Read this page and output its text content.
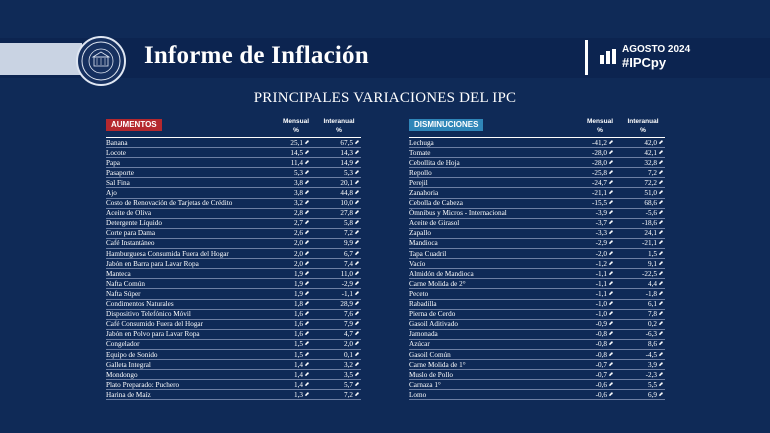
Informe de Inflación	AGOSTO 2024
#IPCpy
PRINCIPALES VARIACIONES DEL IPC
AUMENTOS	Mensual
%
Interanual
%
Banana	25,1 ⬈	67,5 ⬈
Locote	14,5 ⬈	14,3 ⬈
Papa	11,4 ⬈	14,9 ⬈
Pasaporte	5,3 ⬈	5,3 ⬈
Sal Fina	3,8 ⬈	20,1 ⬈
Ajo	3,8 ⬈	44,8 ⬈
Costo de Renovación de Tarjetas de Crédito	3,2 ⬈	10,0 ⬈
Aceite de Oliva	2,8 ⬈	27,8 ⬈
Detergente Líquido	2,7 ⬈	5,8 ⬈
Corte para Dama	2,6 ⬈	7,2 ⬈
Café Instantáneo	2,0 ⬈	9,9 ⬈
Hamburguesa Consumida Fuera del Hogar	2,0 ⬈	6,7 ⬈
Jabón en Barra para Lavar Ropa	2,0 ⬈	7,4 ⬈
Manteca	1,9 ⬈	11,0 ⬈
Nafta Común	1,9 ⬈	-2,9 ⬈
Nafta Súper	1,9 ⬈	-1,1 ⬈
Condimentos Naturales	1,8 ⬈	28,9 ⬈
Dispositivo Telefónico Móvil	1,6 ⬈	7,6 ⬈
Café Consumido Fuera del Hogar	1,6 ⬈	7,9 ⬈
Jabón en Polvo para Lavar Ropa	1,6 ⬈	4,7 ⬈
Congelador	1,5 ⬈	2,0 ⬈
Equipo de Sonido	1,5 ⬈	0,1 ⬈
Galleta Integral	1,4 ⬈	3,2 ⬈
Mondongo	1,4 ⬈	3,5 ⬈
Plato Preparado: Puchero	1,4 ⬈	5,7 ⬈
Harina de Maíz	1,3 ⬈	7,2 ⬈
DISMINUCIONES	Mensual
%
Interanual
%
Lechuga	-41,2 ⬈	42,0 ⬈
Tomate	-28,0 ⬈	42,1 ⬈
Cebollita de Hoja	-28,0 ⬈	32,8 ⬈
Repollo	-25,8 ⬈	7,2 ⬈
Perejil	-24,7 ⬈	72,2 ⬈
Zanahoria	-21,1 ⬈	51,0 ⬈
Cebolla de Cabeza	-15,5 ⬈	68,6 ⬈
Ómnibus y Micros - Internacional	-3,9 ⬈	-5,6 ⬈
Aceite de Girasol	-3,7 ⬈	-18,6 ⬈
Zapallo	-3,3 ⬈	24,1 ⬈
Mandioca	-2,9 ⬈	-21,1 ⬈
Tapa Cuadril	-2,0 ⬈	1,5 ⬈
Vacío	-1,2 ⬈	9,1 ⬈
Almidón de Mandioca	-1,1 ⬈	-22,5 ⬈
Carne Molida de 2°	-1,1 ⬈	4,4 ⬈
Peceto	-1,1 ⬈	-1,8 ⬈
Rabadilla	-1,0 ⬈	6,1 ⬈
Pierna de Cerdo	-1,0 ⬈	7,8 ⬈
Gasoil Aditivado	-0,9 ⬈	0,2 ⬈
Jamonada	-0,8 ⬈	-6,3 ⬈
Azúcar	-0,8 ⬈	8,6 ⬈
Gasoil Común	-0,8 ⬈	-4,5 ⬈
Carne Molida de 1°	-0,7 ⬈	3,9 ⬈
Muslo de Pollo	-0,7 ⬈	-2,3 ⬈
Carnaza 1°	-0,6 ⬈	5,5 ⬈
Lomo	-0,6 ⬈	6,9 ⬈
